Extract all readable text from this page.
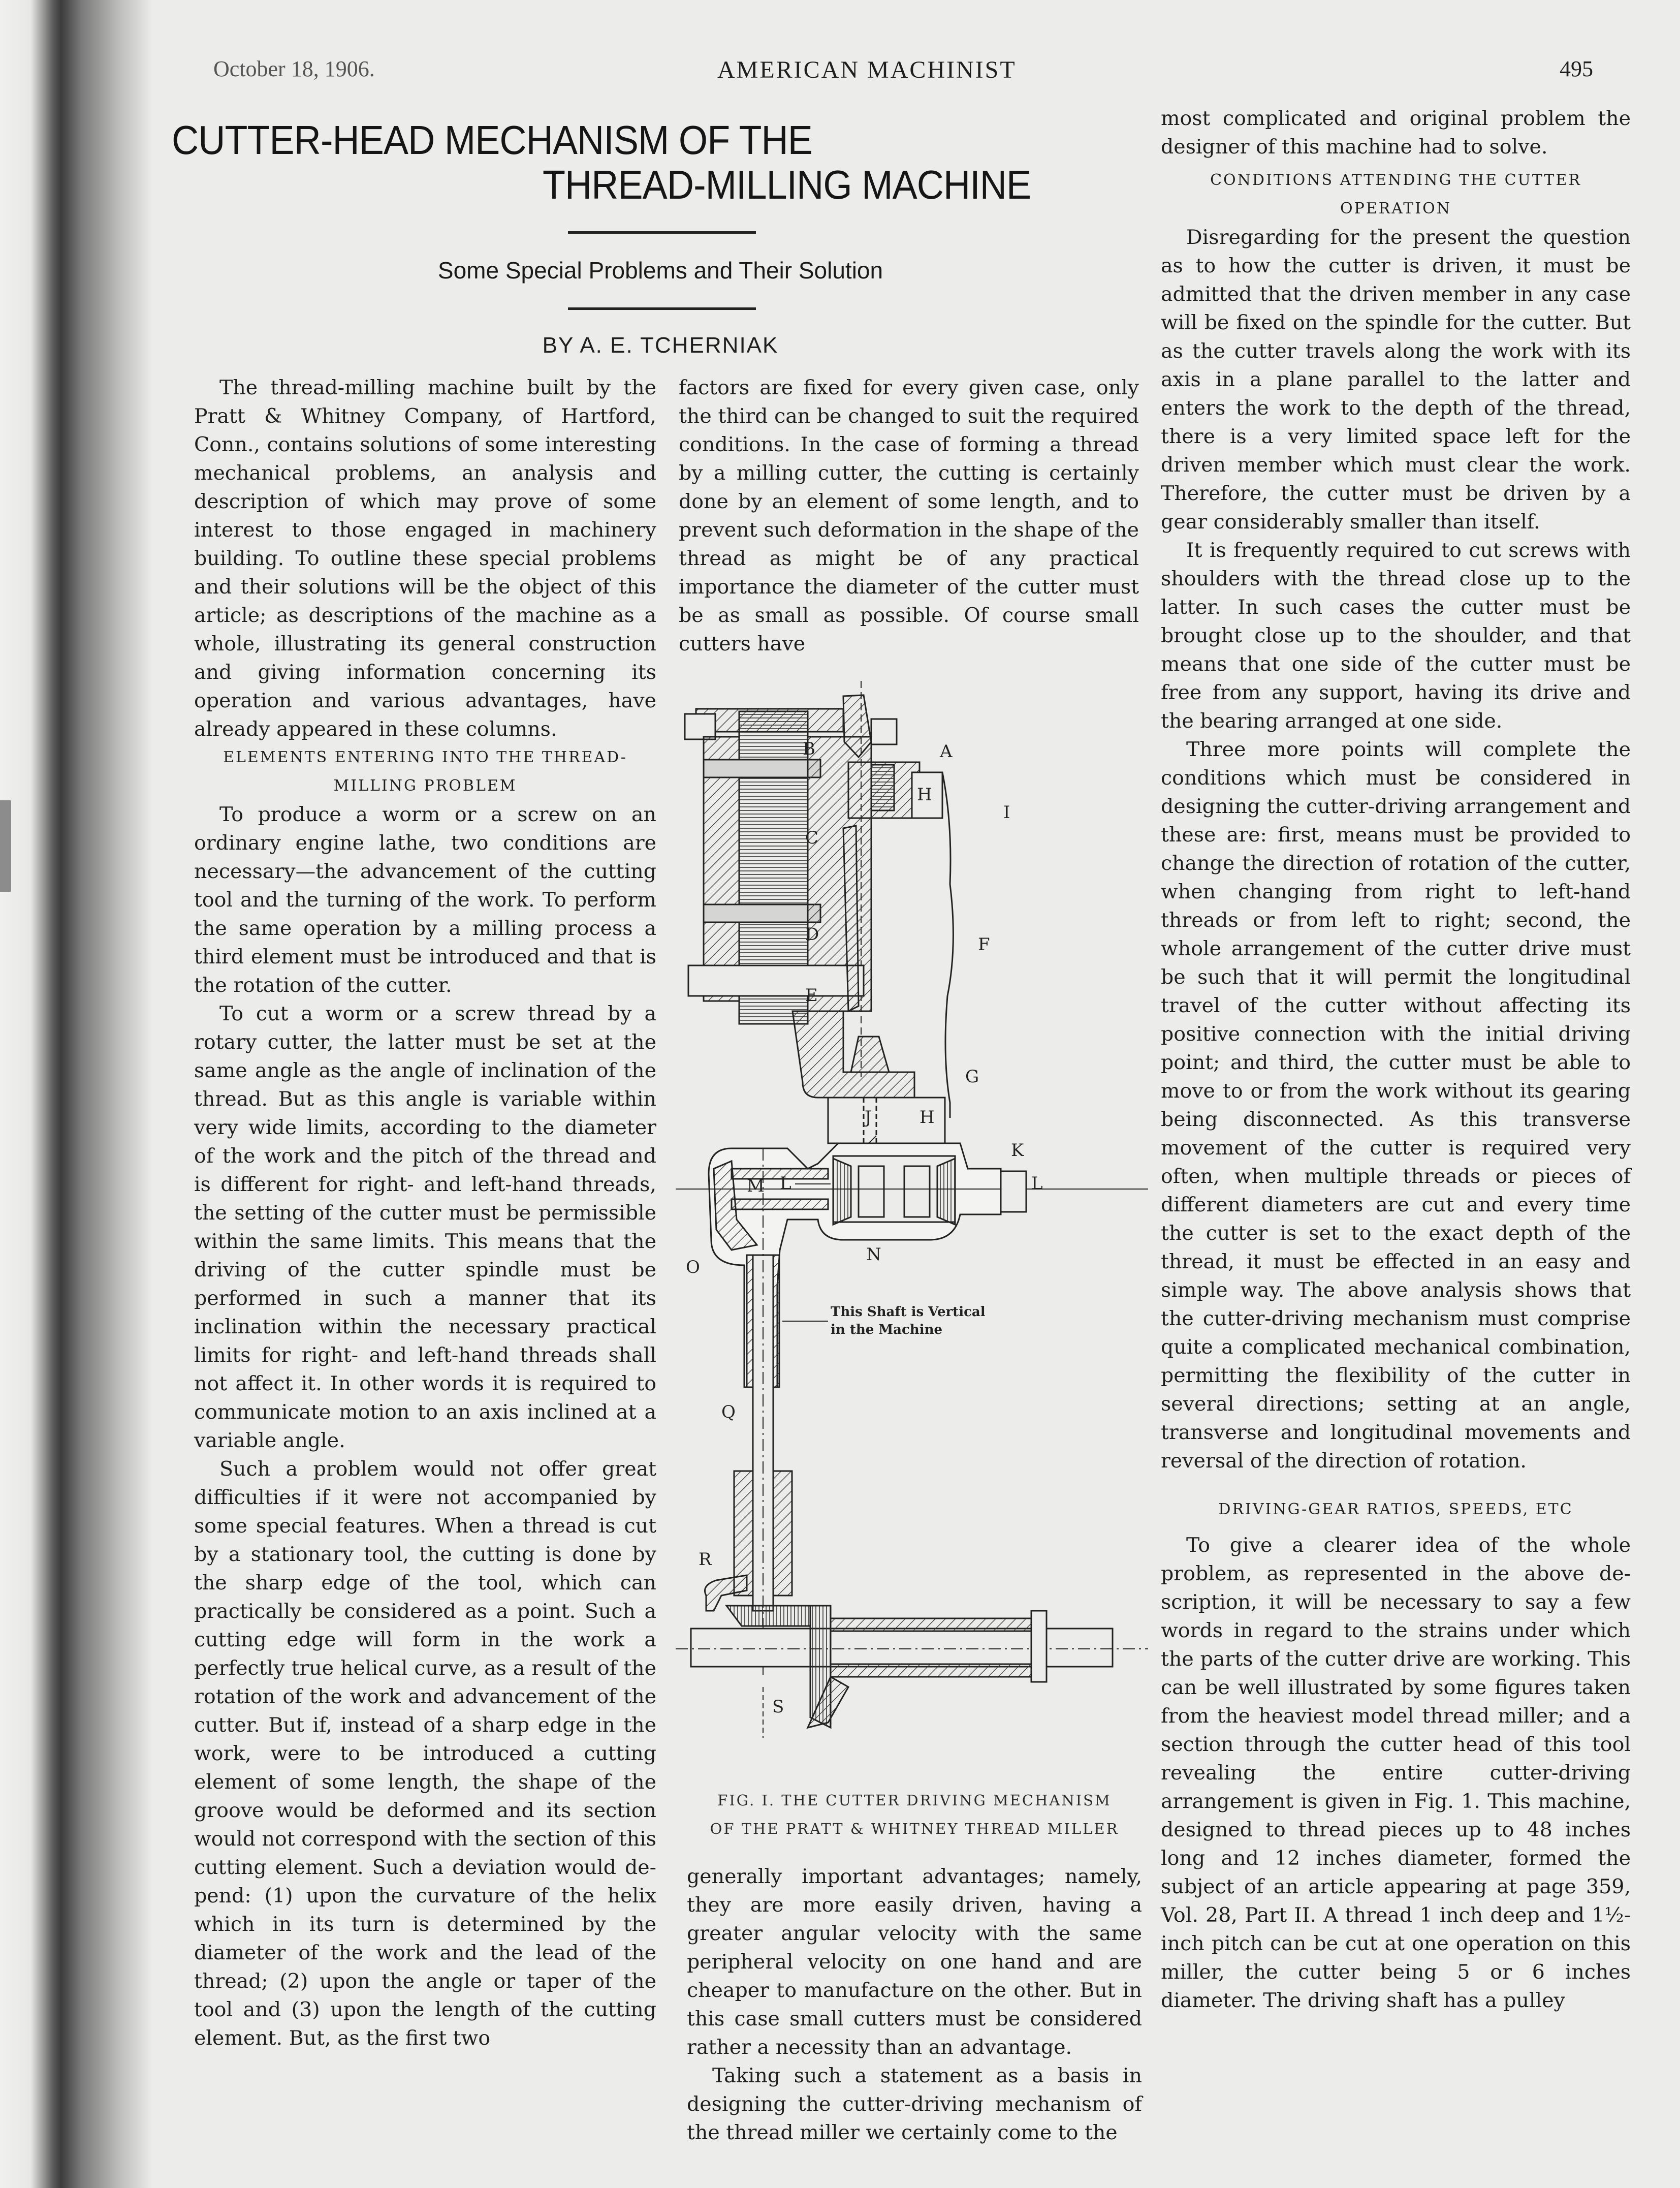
October 18, 1906.	AMERICAN MACHINIST	495
CUTTER-HEAD MECHANISM OF THE
THREAD-MILLING MACHINE
Some Special Problems and Their Solution
BY A. E. TCHERNIAK

The thread-milling machine built by the Pratt & Whitney Company, of Hartford, Conn., contains solutions of some interesting mechanical problems, an analysis and description of which may prove of some interest to those engaged in machinery building. To outline these special problems and their solutions will be the object of this article; as descriptions of the machine as a whole, illustrating its general construction and giving information concerning its operation and various advantages, have already appeared in these columns.

ELEMENTS ENTERING INTO THE THREAD-
MILLING PROBLEM

To produce a worm or a screw on an ordinary engine lathe, two conditions are necessary—the advancement of the cutting tool and the turning of the work. To perform the same operation by a milling process a third element must be introduced and that is the rotation of the cutter.

To cut a worm or a screw thread by a rotary cutter, the latter must be set at the same angle as the angle of inclination of the thread. But as this angle is variable within very wide limits, according to the diameter of the work and the pitch of the thread and is different for right- and left-hand threads, the setting of the cutter must be permissible within the same limits. This means that the driving of the cutter spindle must be performed in such a manner that its inclination within the necessary practical limits for right- and left-hand threads shall not affect it. In other words it is required to communicate motion to an axis inclined at a variable angle.

Such a problem would not offer great difficulties if it were not accompanied by some special features. When a thread is cut by a stationary tool, the cutting is done by the sharp edge of the tool, which can practically be considered as a point. Such a cutting edge will form in the work a perfectly true helical curve, as a result of the rotation of the work and advancement of the cutter. But if, instead of a sharp edge in the work, were to be introduced a cutting element of some length, the shape of the groove would be deformed and its section would not correspond with the section of this cutting element. Such a deviation would depend: (1) upon the curvature of the helix which in its turn is determined by the diameter of the work and the lead of the thread; (2) upon the angle or taper of the tool and (3) upon the length of the cutting element. But, as the first two

factors are fixed for every given case, only the third can be changed to suit the required conditions. In the case of forming a thread by a milling cutter, the cutting is certainly done by an element of some length, and to prevent such deformation in the shape of the thread as might be of any practical importance the diameter of the cutter must be as small as possible. Of course small cutters have

B	A
C
D
E
F
G
H
H
I
J
K
L	L
M
N
O
Q
R
S
This Shaft is Vertical
in the Machine
FIG. I. THE CUTTER DRIVING MECHANISM
OF THE PRATT & WHITNEY THREAD MILLER

generally important advantages; namely, they are more easily driven, having a greater angular velocity with the same peripheral velocity on one hand and are cheaper to manufacture on the other. But in this case small cutters must be considered rather a necessity than an advantage.

Taking such a statement as a basis in designing the cutter-driving mechanism of the thread miller we certainly come to the

most complicated and original problem the designer of this machine had to solve.

CONDITIONS ATTENDING THE CUTTER
OPERATION

Disregarding for the present the question as to how the cutter is driven, it must be admitted that the driven member in any case will be fixed on the spindle for the cutter. But as the cutter travels along the work with its axis in a plane parallel to the latter and enters the work to the depth of the thread, there is a very limited space left for the driven member which must clear the work. Therefore, the cutter must be driven by a gear considerably smaller than itself.

It is frequently required to cut screws with shoulders with the thread close up to the latter. In such cases the cutter must be brought close up to the shoulder, and that means that one side of the cutter must be free from any support, having its drive and the bearing arranged at one side.

Three more points will complete the conditions which must be considered in designing the cutter-driving arrangement and these are: first, means must be provided to change the direction of rotation of the cutter, when changing from right to left-hand threads or from left to right; second, the whole arrangement of the cutter drive must be such that it will permit the longitudinal travel of the cutter without affecting its positive connection with the initial driving point; and third, the cutter must be able to move to or from the work without its gearing being disconnected. As this transverse movement of the cutter is required very often, when multiple threads or pieces of different diameters are cut and every time the cutter is set to the exact depth of the thread, it must be effected in an easy and simple way. The above analysis shows that the cutter-driving mechanism must comprise quite a complicated mechanical combination, permitting the flexibility of the cutter in several directions; setting at an angle, transverse and longitudinal movements and reversal of the direction of rotation.

DRIVING-GEAR RATIOS, SPEEDS, ETC

To give a clearer idea of the whole problem, as represented in the above description, it will be necessary to say a few words in regard to the strains under which the parts of the cutter drive are working. This can be well illustrated by some figures taken from the heaviest model thread miller; and a section through the cutter head of this tool revealing the entire cutter-driving arrangement is given in Fig. 1. This machine, designed to thread pieces up to 48 inches long and 12 inches diameter, formed the subject of an article appearing at page 359, Vol. 28, Part II. A thread 1 inch deep and 1½-inch pitch can be cut at one operation on this miller, the cutter being 5 or 6 inches diameter. The driving shaft has a pulley
